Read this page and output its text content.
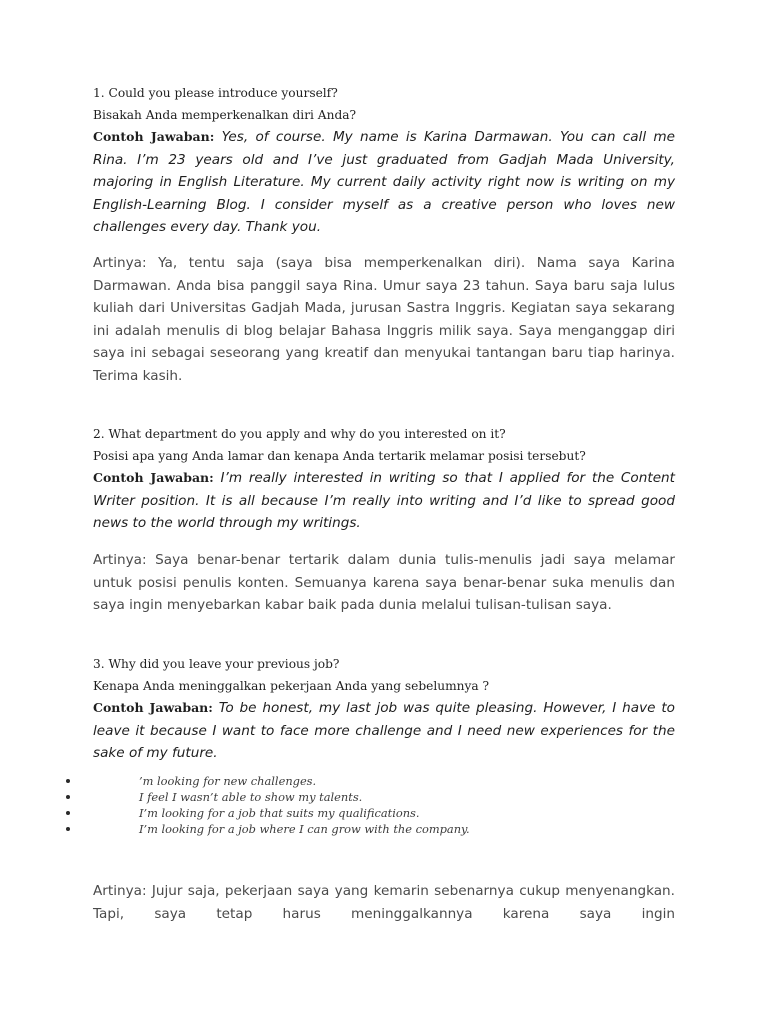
1. Could you please introduce yourself?
Bisakah Anda memperkenalkan diri Anda?
Contoh Jawaban: Yes, of course. My name is Karina Darmawan. You can call me Rina. I’m 23 years old and I’ve just graduated from Gadjah Mada University, majoring in English Literature. My current daily activity right now is writing on my English-Learning Blog. I consider myself as a creative person who loves new challenges every day. Thank you.
Artinya: Ya, tentu saja (saya bisa memperkenalkan diri). Nama saya Karina Darmawan. Anda bisa panggil saya Rina. Umur saya 23 tahun. Saya baru saja lulus kuliah dari Universitas Gadjah Mada, jurusan Sastra Inggris. Kegiatan saya sekarang ini adalah menulis di blog belajar Bahasa Inggris milik saya. Saya menganggap diri saya ini sebagai seseorang yang kreatif dan menyukai tantangan baru tiap harinya. Terima kasih.
2. What department do you apply and why do you interested on it?
Posisi apa yang Anda lamar dan kenapa Anda tertarik melamar posisi tersebut?
Contoh Jawaban: I’m really interested in writing so that I applied for the Content Writer position. It is all because I’m really into writing and I’d like to spread good news to the world through my writings.
Artinya: Saya benar-benar tertarik dalam dunia tulis-menulis jadi saya melamar untuk posisi penulis konten. Semuanya karena saya benar-benar suka menulis dan saya ingin menyebarkan kabar baik pada dunia melalui tulisan-tulisan saya.
3. Why did you leave your previous job?
Kenapa Anda meninggalkan pekerjaan Anda yang sebelumnya ?
Contoh Jawaban: To be honest, my last job was quite pleasing. However, I have to leave it because I want to face more challenge and I need new experiences for the sake of my future.
Artinya: Jujur saja, pekerjaan saya yang kemarin sebenarnya cukup menyenangkan. Tapi, saya tetap harus meninggalkannya karena saya ingin
’m looking for new challenges.
I feel I wasn’t able to show my talents.
I’m looking for a job that suits my qualifications.
I’m looking for a job where I can grow with the company.
